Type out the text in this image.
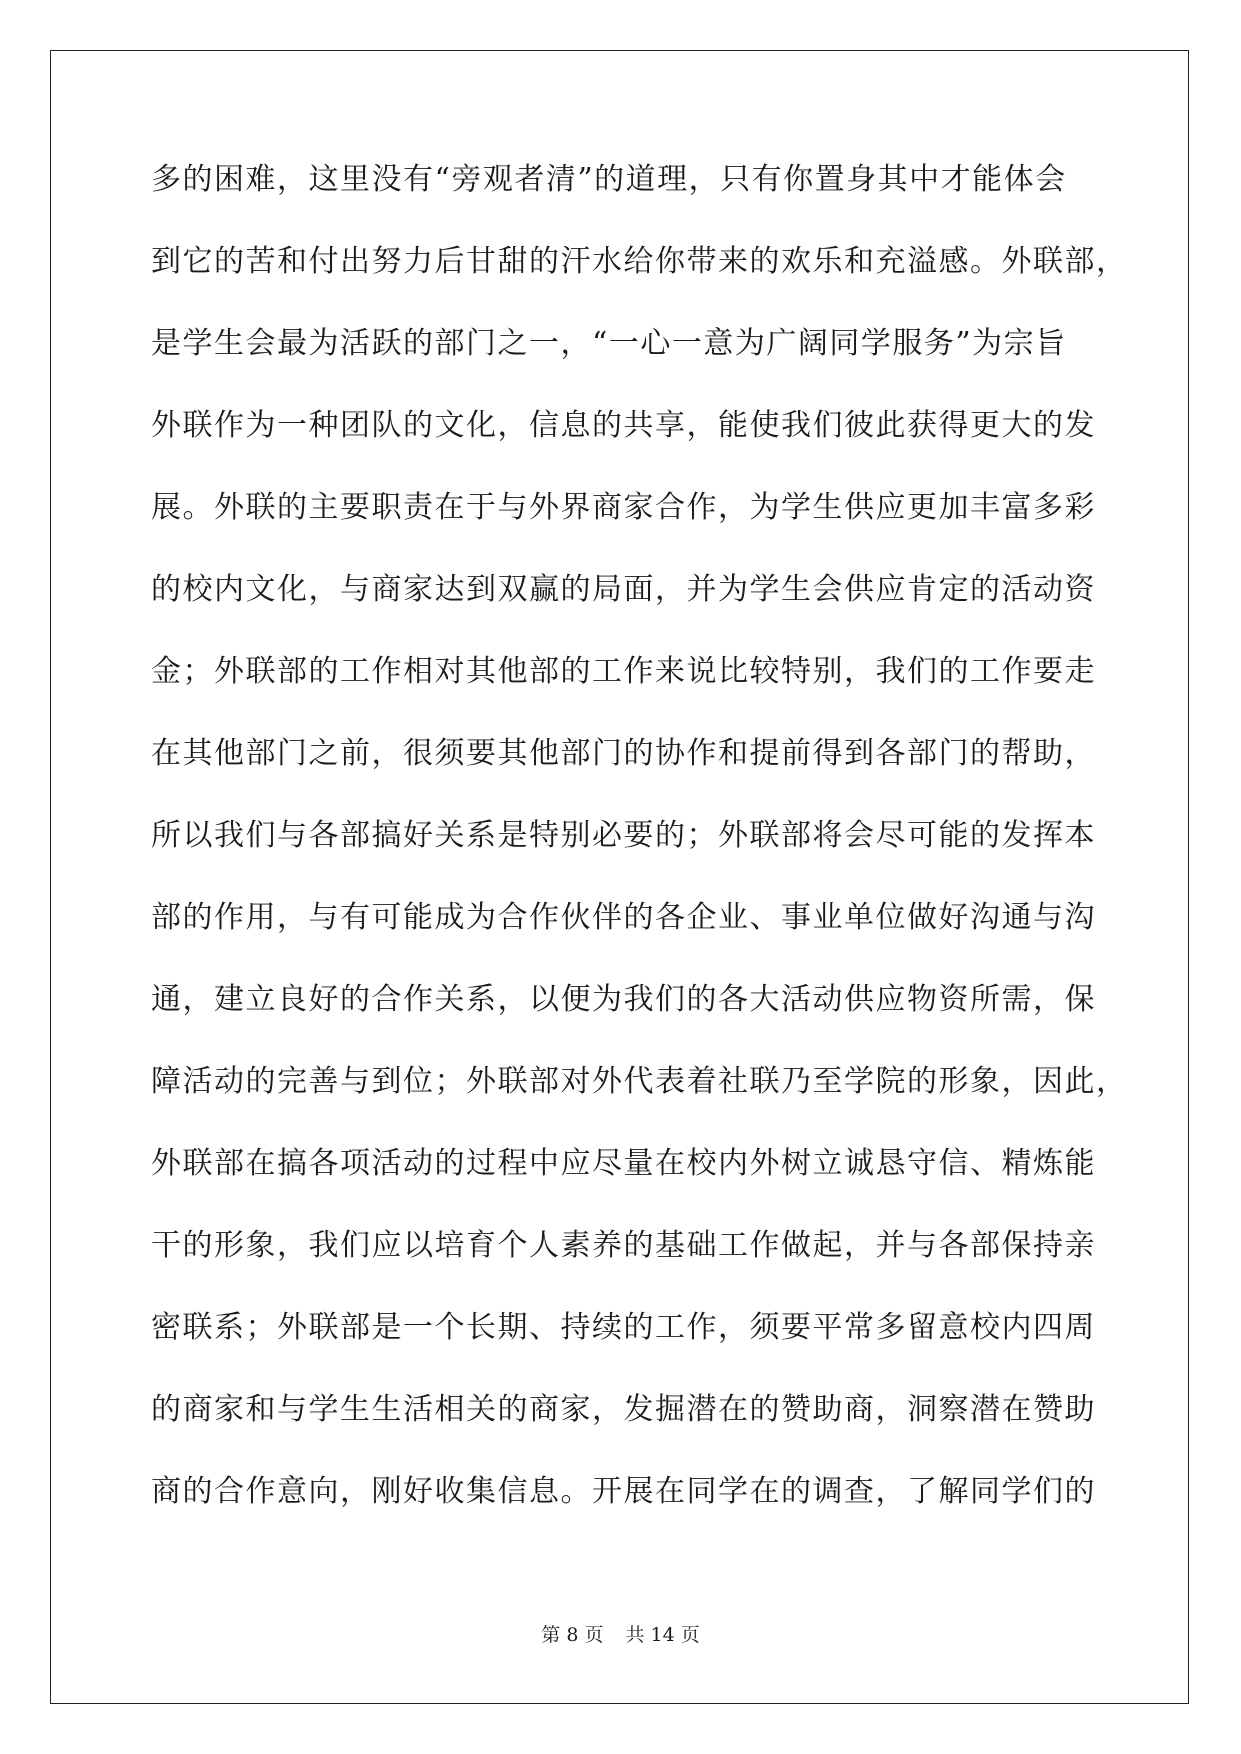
多的困难，这里没有“旁观者清”的道理，只有你置身其中才能体会
到它的苦和付出努力后甘甜的汗水给你带来的欢乐和充溢感。外联部，
是学生会最为活跃的部门之一，“一心一意为广阔同学服务”为宗旨
外联作为一种团队的文化，信息的共享，能使我们彼此获得更大的发
展。外联的主要职责在于与外界商家合作，为学生供应更加丰富多彩
的校内文化，与商家达到双赢的局面，并为学生会供应肯定的活动资
金；外联部的工作相对其他部的工作来说比较特别，我们的工作要走
在其他部门之前，很须要其他部门的协作和提前得到各部门的帮助，
所以我们与各部搞好关系是特别必要的；外联部将会尽可能的发挥本
部的作用，与有可能成为合作伙伴的各企业、事业单位做好沟通与沟
通，建立良好的合作关系，以便为我们的各大活动供应物资所需，保
障活动的完善与到位；外联部对外代表着社联乃至学院的形象，因此，
外联部在搞各项活动的过程中应尽量在校内外树立诚恳守信、精炼能
干的形象，我们应以培育个人素养的基础工作做起，并与各部保持亲
密联系；外联部是一个长期、持续的工作，须要平常多留意校内四周
的商家和与学生生活相关的商家，发掘潜在的赞助商，洞察潜在赞助
商的合作意向，刚好收集信息。开展在同学在的调查，了解同学们的
第 8 页 共 14 页
